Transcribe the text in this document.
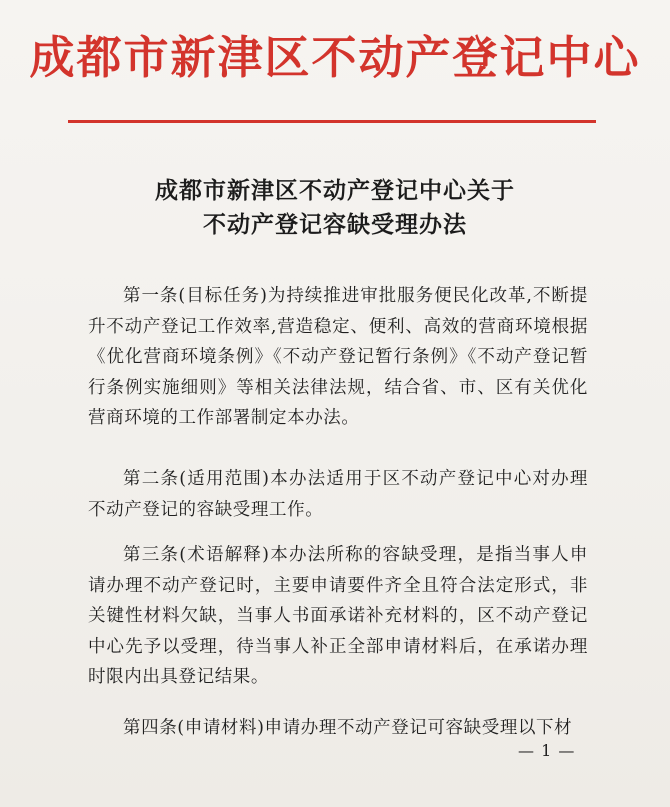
成都市新津区不动产登记中心
成都市新津区不动产登记中心关于
不动产登记容缺受理办法
第一条(目标任务)为持续推进审批服务便民化改革,不断提升不动产登记工作效率,营造稳定、便利、高效的营商环境根据《优化营商环境条例》《不动产登记暂行条例》《不动产登记暂行条例实施细则》等相关法律法规，结合省、市、区有关优化营商环境的工作部署制定本办法。
第二条(适用范围)本办法适用于区不动产登记中心对办理不动产登记的容缺受理工作。
第三条(术语解释)本办法所称的容缺受理，是指当事人申请办理不动产登记时，主要申请要件齐全且符合法定形式，非关键性材料欠缺，当事人书面承诺补充材料的，区不动产登记中心先予以受理，待当事人补正全部申请材料后，在承诺办理时限内出具登记结果。
第四条(申请材料)申请办理不动产登记可容缺受理以下材
— 1 —
